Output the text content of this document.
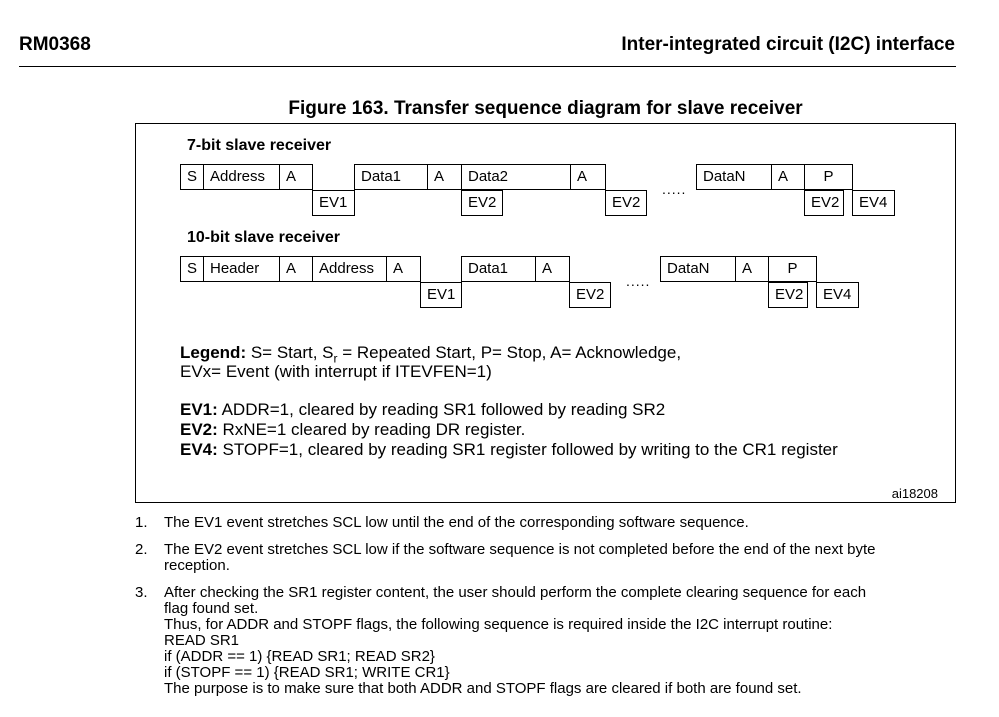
RM0368	Inter-integrated circuit (I2C) interface
Figure 163. Transfer sequence diagram for slave receiver
7-bit slave receiver
S Address	A
EV1
Data1	A
EV2
Data2	A
EV2
.....
DataN	A	P
EV2	EV4
10-bit slave receiver
S Header	A	Address	A
EV1
Data1	A
EV2
.....
DataN	A	P
EV2	EV4
Legend: S= Start, $S_r$ = Repeated Start, P= Stop, A= Acknowledge,
EVx= Event (with interrupt if ITEVFEN=1)
EV1: ADDR=1, cleared by reading SR1 followed by reading SR2
EV2: RxNE=1 cleared by reading DR register.
EV4: STOPF=1, cleared by reading SR1 register followed by writing to the CR1 register
ai18208
1. The EV1 event stretches SCL low until the end of the corresponding software sequence.
2. The EV2 event stretches SCL low if the software sequence is not completed before the end of the next byte
reception.
3. After checking the SR1 register content, the user should perform the complete clearing sequence for each
flag found set.
Thus, for ADDR and STOPF flags, the following sequence is required inside the I2C interrupt routine:
READ SR1
if (ADDR == 1) {READ SR1; READ SR2}
if (STOPF == 1) {READ SR1; WRITE CR1}
The purpose is to make sure that both ADDR and STOPF flags are cleared if both are found set.
